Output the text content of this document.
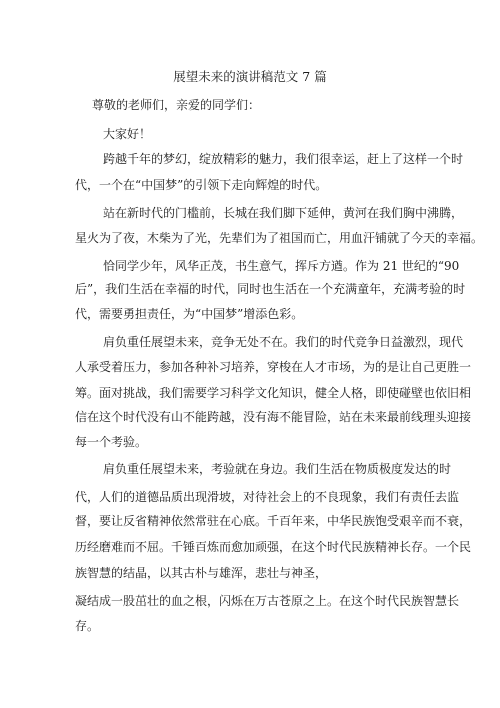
展望未来的演讲稿范文 7 篇
尊敬的老师们，亲爱的同学们：
大家好！
跨越千年的梦幻，绽放精彩的魅力，我们很幸运，赶上了这样一个时
代，一个在“中国梦”的引领下走向辉煌的时代。
站在新时代的门槛前，长城在我们脚下延伸，黄河在我们胸中沸腾，
星火为了夜，木柴为了光，先辈们为了祖国而亡，用血汗铺就了今天的幸福。
恰同学少年，风华正茂，书生意气，挥斥方遒。作为 21 世纪的“90
后”，我们生活在幸福的时代，同时也生活在一个充满童年，充满考验的时
代，需要勇担责任，为“中国梦”增添色彩。
肩负重任展望未来，竞争无处不在。我们的时代竞争日益激烈，现代
人承受着压力，参加各种补习培养，穿梭在人才市场，为的是让自己更胜一
筹。面对挑战，我们需要学习科学文化知识，健全人格，即使碰壁也依旧相
信在这个时代没有山不能跨越，没有海不能冒险，站在未来最前线理头迎接
每一个考验。
肩负重任展望未来，考验就在身边。我们生活在物质极度发达的时
代，人们的道德品质出现滑坡，对待社会上的不良现象，我们有责任去监
督，要让反省精神依然常驻在心底。千百年来，中华民族饱受艰辛而不衰，
历经磨难而不屈。千锤百炼而愈加顽强，在这个时代民族精神长存。一个民
族智慧的结晶，以其古朴与雄浑，悲壮与神圣，
凝结成一股茁壮的血之根，闪烁在万古苍原之上。在这个时代民族智慧长
存。
